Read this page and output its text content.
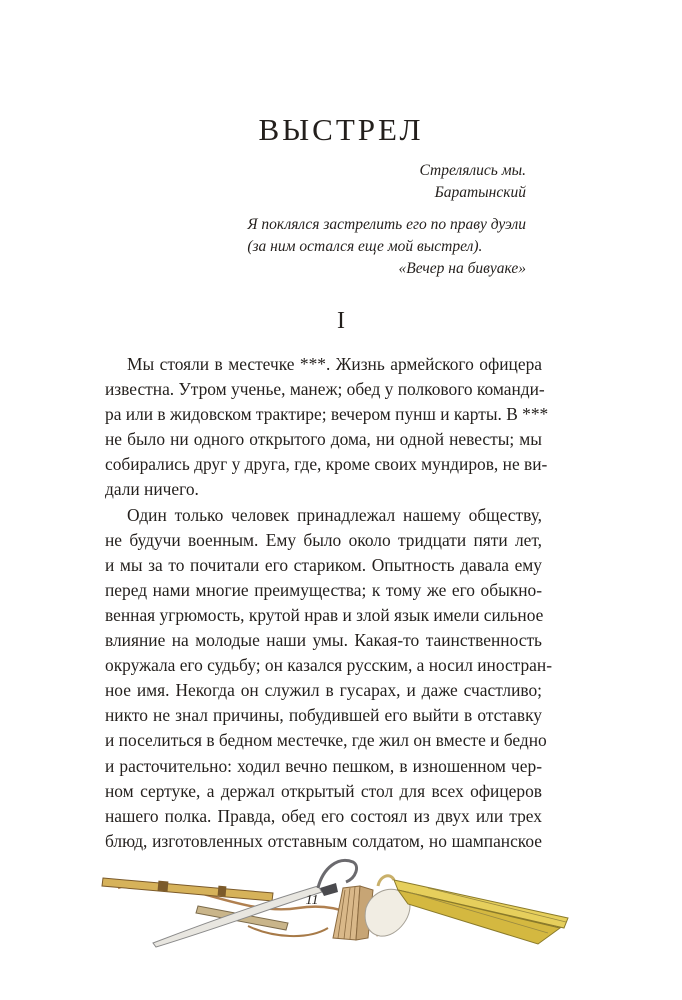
ВЫСТРЕЛ
Стрелялись мы.
Баратынский
Я поклялся застрелить его по праву дуэли
(за ним остался еще мой выстрел).
«Вечер на бивуаке»
I
Мы стояли в местечке ***. Жизнь армейского офицера
известна. Утром ученье, манеж; обед у полкового команди-
ра или в жидовском трактире; вечером пунш и карты. В ***
не было ни одного открытого дома, ни одной невесты; мы
собирались друг у друга, где, кроме своих мундиров, не ви-
дали ничего.
Один только человек принадлежал нашему обществу,
не будучи военным. Ему было около тридцати пяти лет,
и мы за то почитали его стариком. Опытность давала ему
перед нами многие преимущества; к тому же его обыкно-
венная угрюмость, крутой нрав и злой язык имели сильное
влияние на молодые наши умы. Какая-то таинственность
окружала его судьбу; он казался русским, а носил иностран-
ное имя. Некогда он служил в гусарах, и даже счастливо;
никто не знал причины, побудившей его выйти в отставку
и поселиться в бедном местечке, где жил он вместе и бедно
и расточительно: ходил вечно пешком, в изношенном чер-
ном сертуке, а держал открытый стол для всех офицеров
нашего полка. Правда, обед его состоял из двух или трех
блюд, изготовленных отставным солдатом, но шампанское
11
